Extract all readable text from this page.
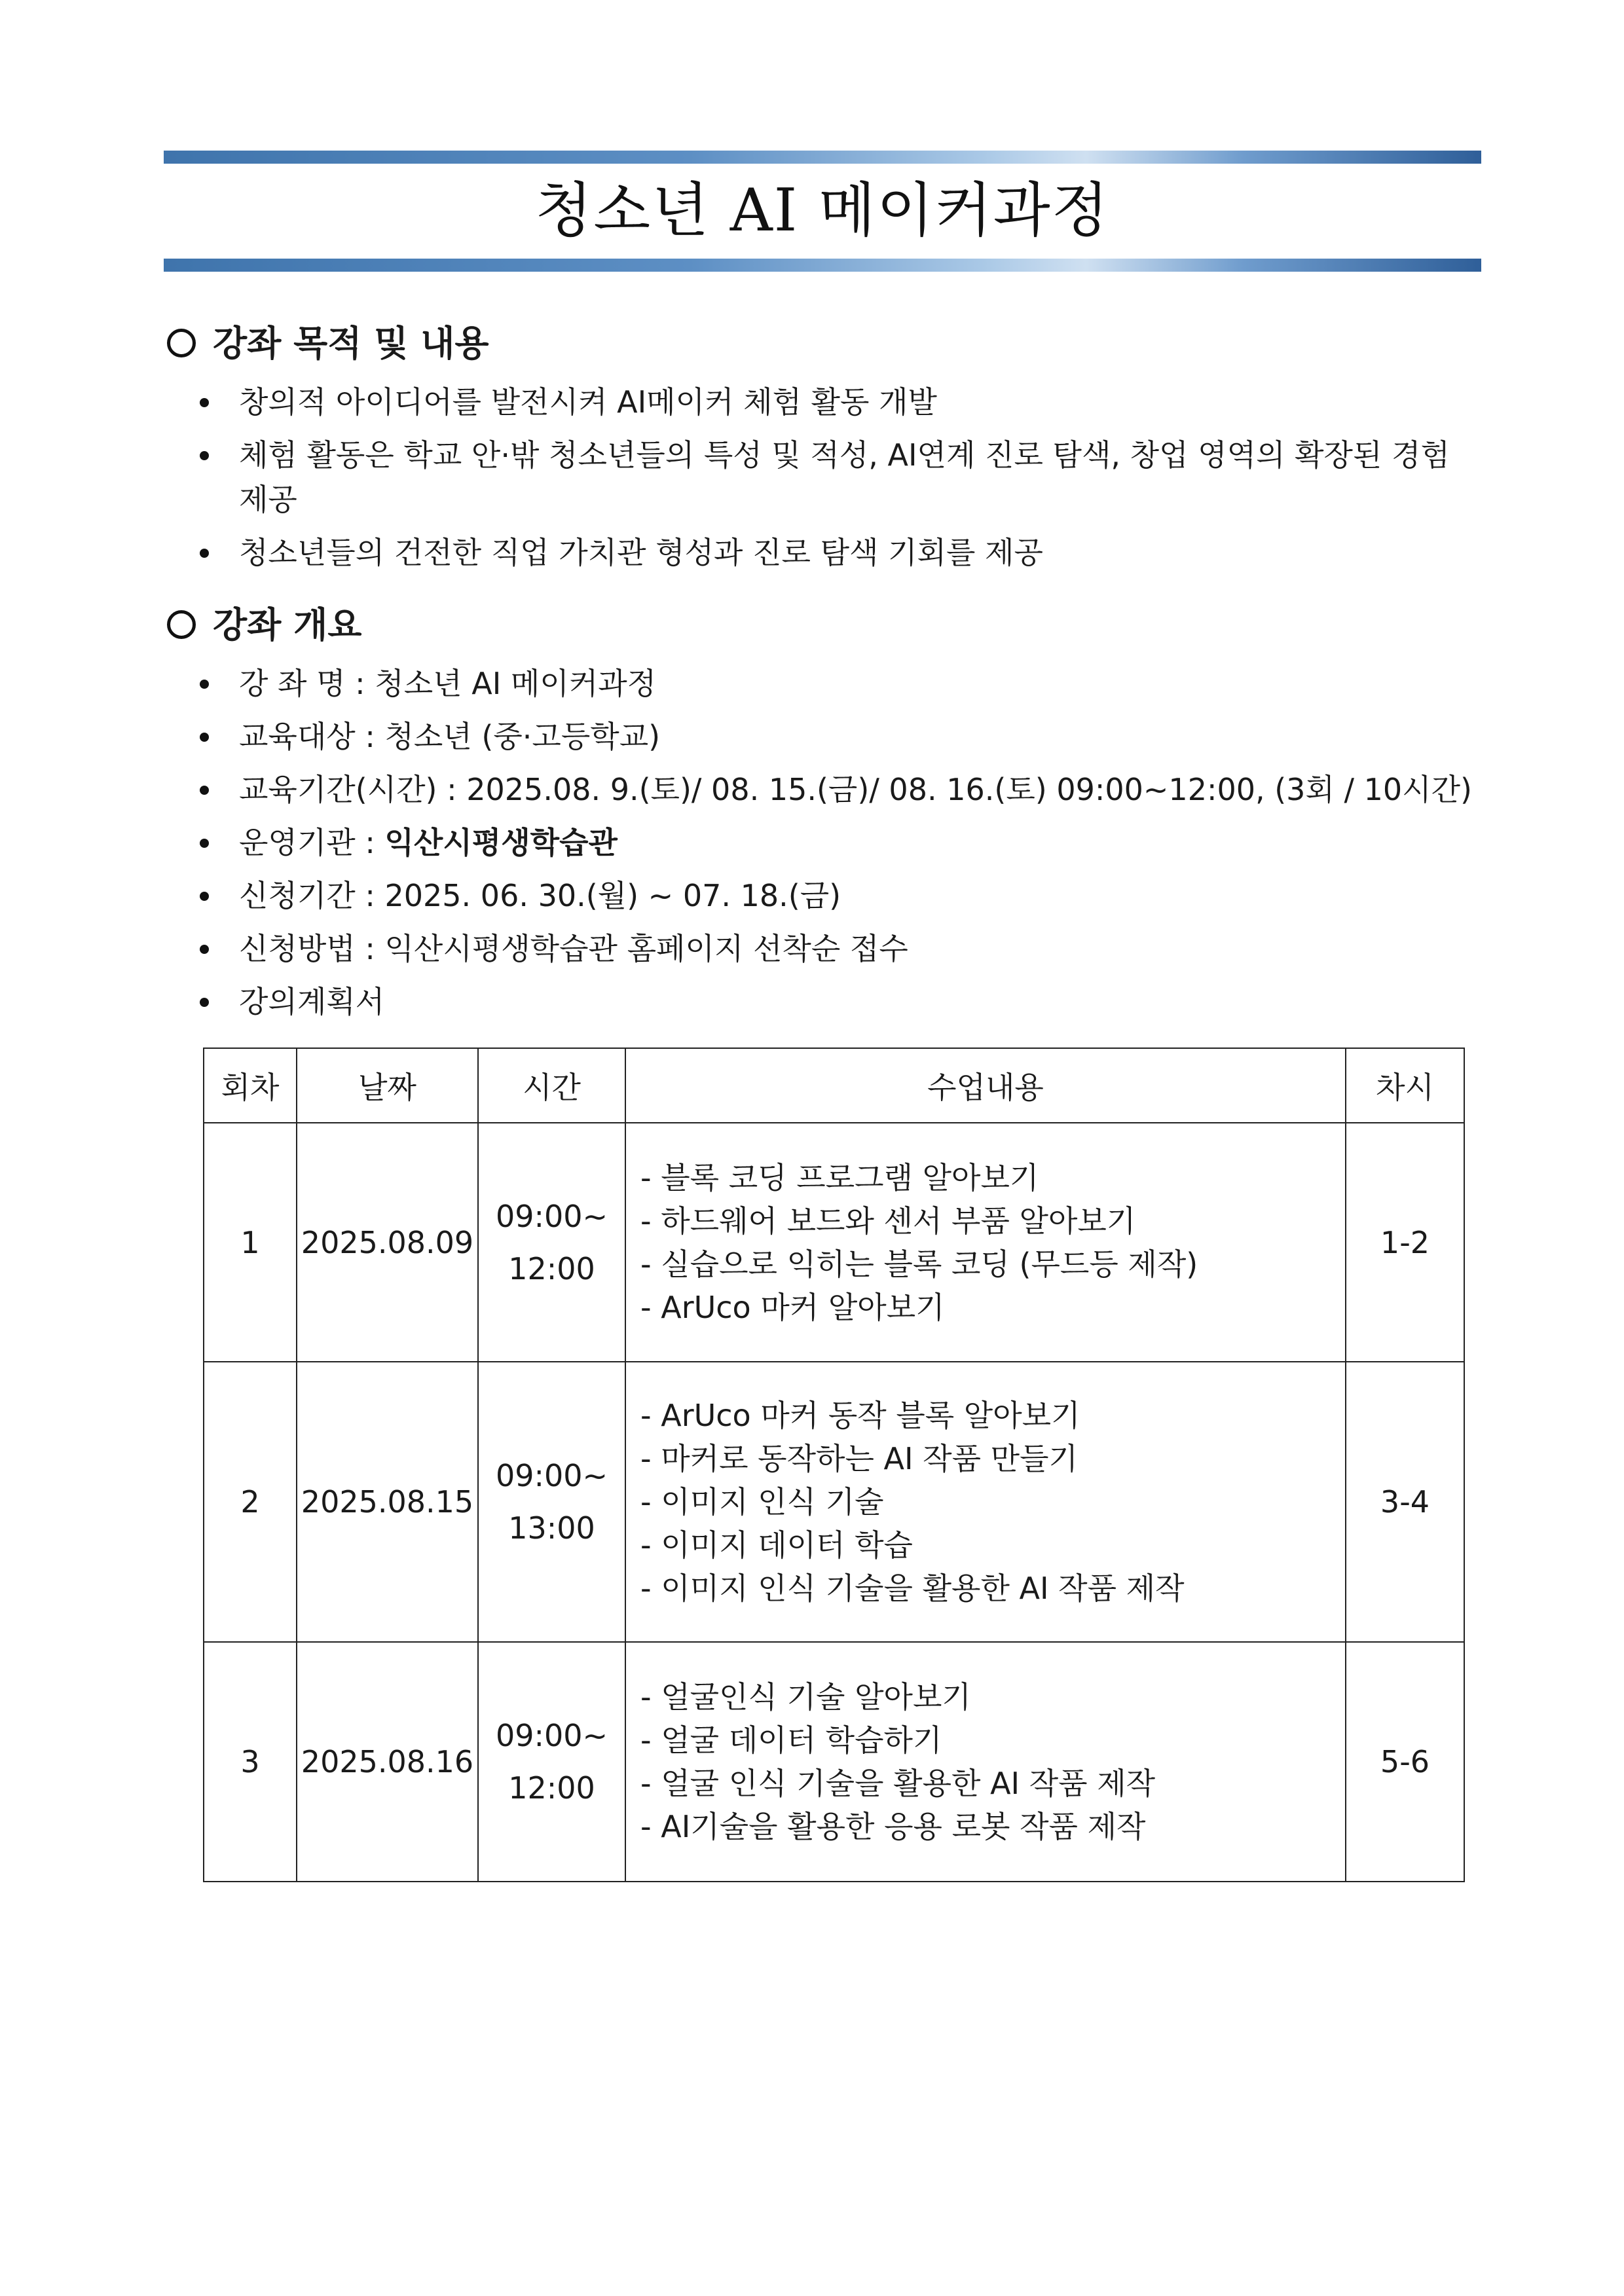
청소년 AI 메이커과정
강좌 목적 및 내용
창의적 아이디어를 발전시켜 AI메이커 체험 활동 개발
체험 활동은 학교 안·밖 청소년들의 특성 및 적성, AI연계 진로 탐색, 창업 영역의 확장된 경험 제공
청소년들의 건전한 직업 가치관 형성과 진로 탐색 기회를 제공
강좌 개요
강 좌 명 : 청소년 AI 메이커과정
교육대상 : 청소년 (중·고등학교)
교육기간(시간) : 2025.08. 9.(토)/ 08. 15.(금)/ 08. 16.(토) 09:00~12:00, (3회 / 10시간)
운영기관 : 익산시평생학습관
신청기간 : 2025. 06. 30.(월) ~ 07. 18.(금)
신청방법 : 익산시평생학습관 홈페이지 선착순 접수
강의계획서
회차	날짜	시간	수업내용	차시
1	2025.08.09	09:00~
12:00	- 블록 코딩 프로그램 알아보기
- 하드웨어 보드와 센서 부품 알아보기
- 실습으로 익히는 블록 코딩 (무드등 제작)
- ArUco 마커 알아보기	1-2
2	2025.08.15	09:00~
13:00	- ArUco 마커 동작 블록 알아보기
- 마커로 동작하는 AI 작품 만들기
- 이미지 인식 기술
- 이미지 데이터 학습
- 이미지 인식 기술을 활용한 AI 작품 제작	3-4
3	2025.08.16	09:00~
12:00	- 얼굴인식 기술 알아보기
- 얼굴 데이터 학습하기
- 얼굴 인식 기술을 활용한 AI 작품 제작
- AI기술을 활용한 응용 로봇 작품 제작	5-6
